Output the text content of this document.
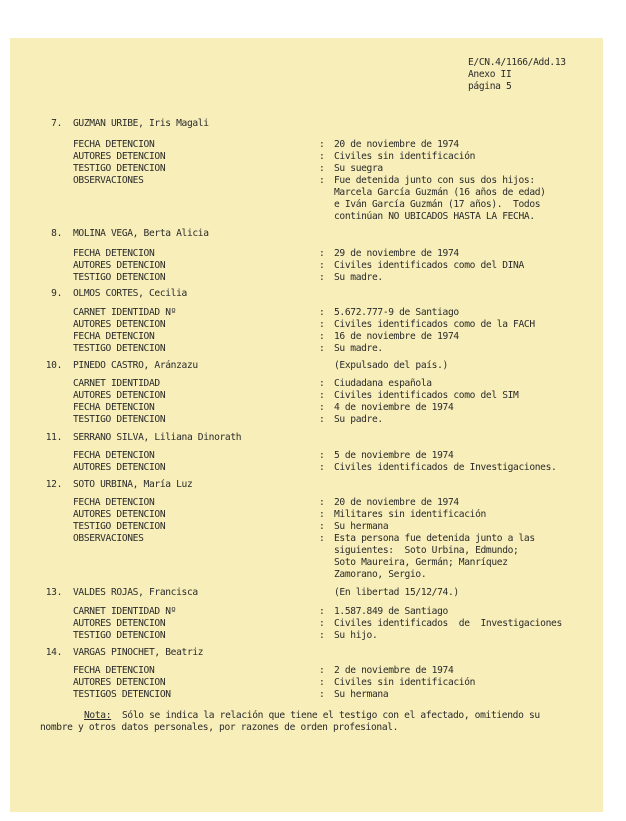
E/CN.4/1166/Add.13
Anexo II
página 5
7. GUZMAN URIBE, Iris Magali
FECHA DETENCION	: 20 de noviembre de 1974
AUTORES DETENCION	: Civiles sin identificación
TESTIGO DETENCION	: Su suegra
OBSERVACIONES	: Fue detenida junto con sus dos hijos:
Marcela García Guzmán (16 años de edad)
e Iván García Guzmán (17 años).  Todos
continúan NO UBICADOS HASTA LA FECHA.
8. MOLINA VEGA, Berta Alicia
FECHA DETENCION	: 29 de noviembre de 1974
AUTORES DETENCION	: Civiles identificados como del DINA
TESTIGO DETENCION	: Su madre.
9. OLMOS CORTES, Cecilia
CARNET IDENTIDAD Nº	: 5.672.777-9 de Santiago
AUTORES DETENCION	: Civiles identificados como de la FACH
FECHA DETENCION	: 16 de noviembre de 1974
TESTIGO DETENCION	: Su madre.
10. PINEDO CASTRO, Aránzazu	(Expulsado del país.)
CARNET IDENTIDAD	: Ciudadana española
AUTORES DETENCION	: Civiles identificados como del SIM
FECHA DETENCION	: 4 de noviembre de 1974
TESTIGO DETENCION	: Su padre.
11. SERRANO SILVA, Liliana Dinorath
FECHA DETENCION	: 5 de noviembre de 1974
AUTORES DETENCION	: Civiles identificados de Investigaciones.
12. SOTO URBINA, María Luz
FECHA DETENCION	: 20 de noviembre de 1974
AUTORES DETENCION	: Militares sin identificación
TESTIGO DETENCION	: Su hermana
OBSERVACIONES	: Esta persona fue detenida junto a las
siguientes:  Soto Urbina, Edmundo;
Soto Maureira, Germán; Manríquez
Zamorano, Sergio.
13. VALDES ROJAS, Francisca	(En libertad 15/12/74.)
CARNET IDENTIDAD Nº	: 1.587.849 de Santiago
AUTORES DETENCION	: Civiles identificados  de  Investigaciones
TESTIGO DETENCION	: Su hijo.
14. VARGAS PINOCHET, Beatriz
FECHA DETENCION	: 2 de noviembre de 1974
AUTORES DETENCION	: Civiles sin identificación
TESTIGOS DETENCION	: Su hermana
Nota:  Sólo se indica la relación que tiene el testigo con el afectado, omitiendo su
nombre y otros datos personales, por razones de orden profesional.
